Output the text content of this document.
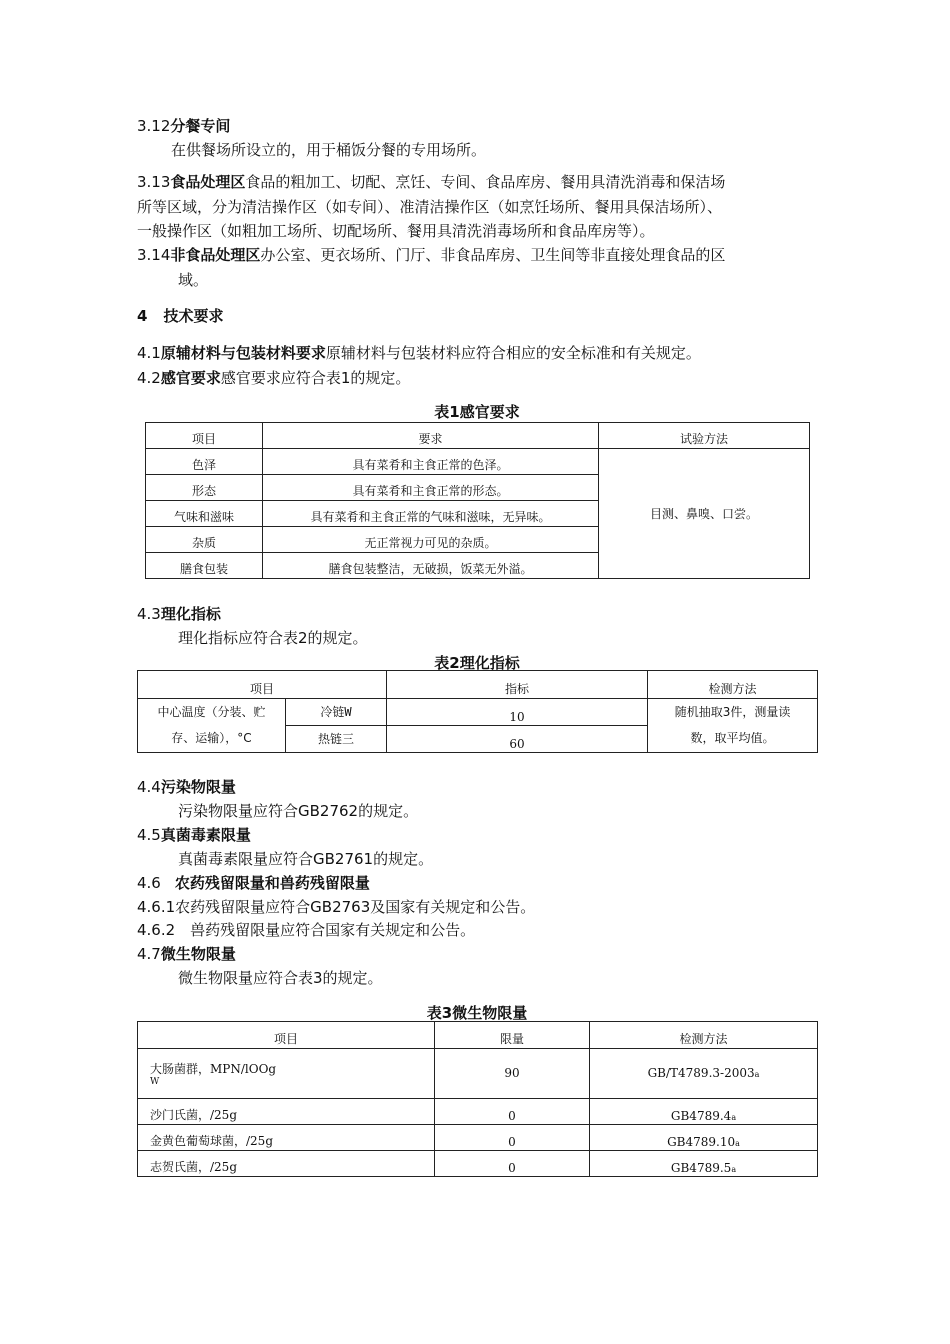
3.12分餐专间
在供餐场所设立的，用于桶饭分餐的专用场所。
3.13食品处理区食品的粗加工、切配、烹饪、专间、食品库房、餐用具清洗消毒和保洁场
所等区域，分为清洁操作区（如专间）、准清洁操作区（如烹饪场所、餐用具保洁场所）、
一般操作区（如粗加工场所、切配场所、餐用具清洗消毒场所和食品库房等）。
3.14非食品处理区办公室、更衣场所、门厅、非食品库房、卫生间等非直接处理食品的区
域。
4 技术要求
4.1原辅材料与包装材料要求原辅材料与包装材料应符合相应的安全标准和有关规定。
4.2感官要求感官要求应符合表1的规定。
表1感官要求
项目	要求	试验方法
色泽	具有菜肴和主食正常的色泽。	目测、鼻嗅、口尝。
形态	具有菜肴和主食正常的形态。	
气味和滋味	具有菜肴和主食正常的气味和滋味，无异味。	
杂质	无正常视力可见的杂质。	
膳食包装	膳食包装整洁，无破损，饭菜无外溢。	
4.3理化指标
理化指标应符合表2的规定。
表2理化指标
项目		指标	检测方法
中心温度（分装、贮
存、运输），°C	冷链W	10	随机抽取3件，测量读
数，取平均值。
	热链三	60	
4.4污染物限量
污染物限量应符合GB2762的规定。
4.5真菌毒素限量
真菌毒素限量应符合GB2761的规定。
4.6 农药残留限量和兽药残留限量
4.6.1农药残留限量应符合GB2763及国家有关规定和公告。
4.6.2　兽药残留限量应符合国家有关规定和公告。
4.7微生物限量
微生物限量应符合表3的规定。
表3微生物限量
项目	限量	检测方法
大肠菌群，MPN/lOOg
W	90	GB/T4789.3-2003a
沙门氏菌，/25g	0	GB4789.4a
金黄色葡萄球菌，/25g	0	GB4789.10a
志贺氏菌，/25g	0	GB4789.5a
